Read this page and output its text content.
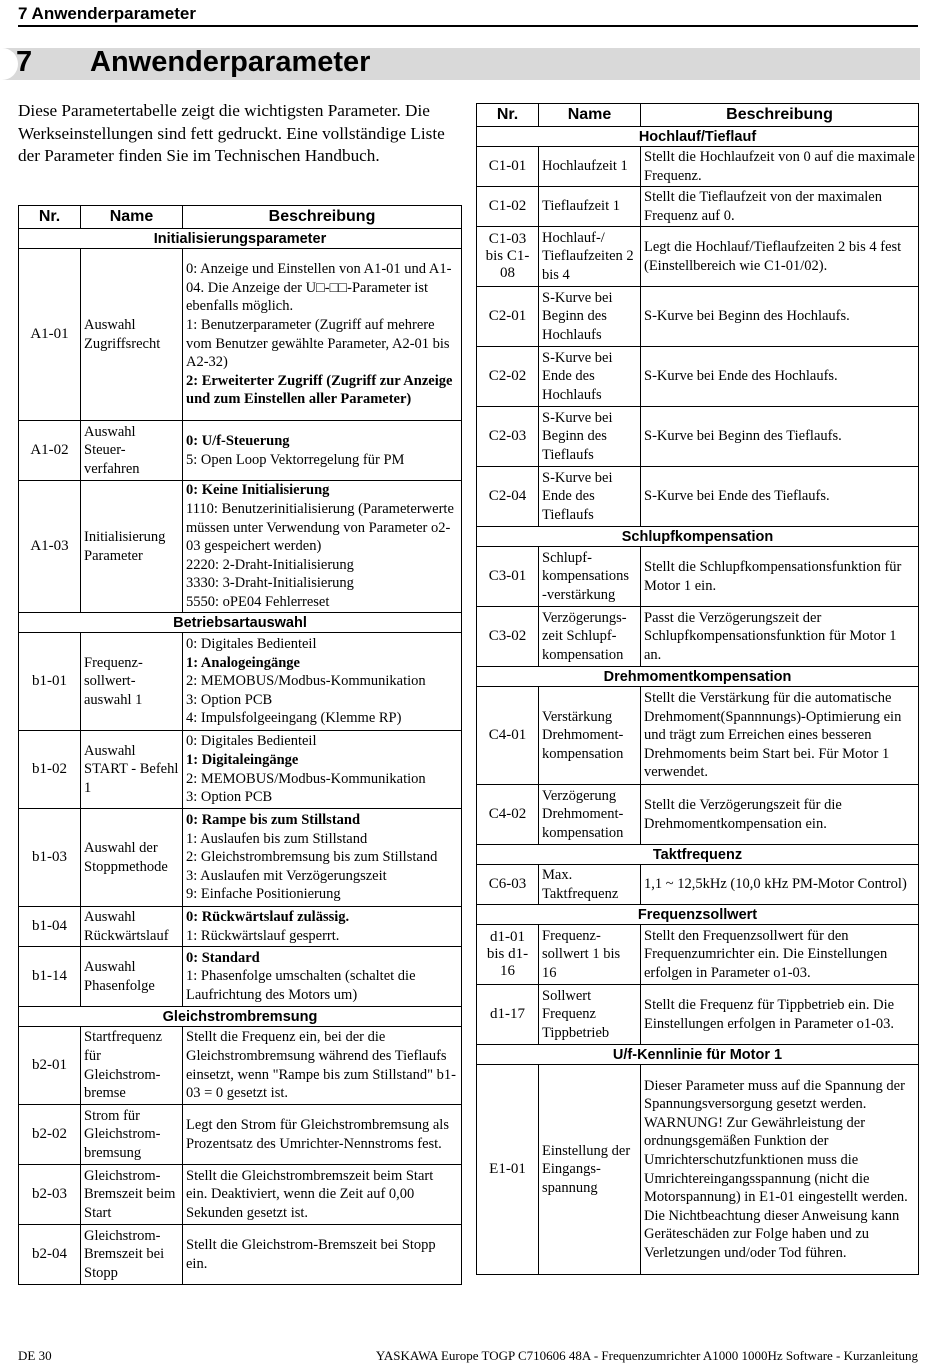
7 Anwenderparameter
7 Anwenderparameter
Diese Parametertabelle zeigt die wichtigsten Parameter. Die Werkseinstellungen sind fett gedruckt. Eine vollständige Liste der Parameter finden Sie im Technischen Handbuch.
Nr.	Name	Beschreibung
Initialisierungsparameter		
A1-01	Auswahl Zugriffsrecht	0: Anzeige und Einstellen von A1-01 und A1-04. Die Anzeige der U□-□□-Parameter ist ebenfalls möglich.
1: Benutzerparameter (Zugriff auf mehrere vom Benutzer gewählte Parameter, A2-01 bis A2-32)
2: Erweiterter Zugriff (Zugriff zur Anzeige und zum Einstellen aller Parameter)

A1-02	Auswahl Steuer-verfahren	0: U/f-Steuerung
5: Open Loop Vektorregelung für PM

A1-03	Initialisierung Parameter	0: Keine Initialisierung
1110: Benutzerinitialisierung (Parameterwerte müssen unter Verwendung von Parameter o2-03 gespeichert werden)
2220: 2-Draht-Initialisierung
3330: 3-Draht-Initialisierung
5550: oPE04 Fehlerreset

Betriebsartauswahl		
b1-01	Frequenz-sollwert-auswahl 1	0: Digitales Bedienteil
1: Analogeingänge
2: MEMOBUS/Modbus-Kommunikation
3: Option PCB
4: Impulsfolgeeingang (Klemme RP)

b1-02	Auswahl START - Befehl 1	0: Digitales Bedienteil
1: Digitaleingänge
2: MEMOBUS/Modbus-Kommunikation
3: Option PCB

b1-03	Auswahl der Stoppmethode	0: Rampe bis zum Stillstand
1: Auslaufen bis zum Stillstand
2: Gleichstrombremsung bis zum Stillstand
3: Auslaufen mit Verzögerungszeit
9: Einfache Positionierung

b1-04	Auswahl Rückwärtslauf	0: Rückwärtslauf zulässig.
1: Rückwärtslauf gesperrt.

b1-14	Auswahl Phasenfolge	0: Standard
1: Phasenfolge umschalten (schaltet die Laufrichtung des Motors um)

Gleichstrombremsung		
b2-01	Startfrequenz für Gleichstrom-bremse	Stellt die Frequenz ein, bei der die Gleichstrombremsung während des Tieflaufs einsetzt, wenn "Rampe bis zum Stillstand" b1-03 = 0 gesetzt ist.

b2-02	Strom für Gleichstrom-bremsung	Legt den Strom für Gleichstrombremsung als Prozentsatz des Umrichter-Nennstroms fest.

b2-03	Gleichstrom-Bremszeit beim Start	Stellt die Gleichstrombremszeit beim Start ein. Deaktiviert, wenn die Zeit auf 0,00 Sekunden gesetzt ist.

b2-04	Gleichstrom-Bremszeit bei Stopp	Stellt die Gleichstrom-Bremszeit bei Stopp ein.
Nr.	Name	Beschreibung
Hochlauf/Tieflauf		
C1-01	Hochlaufzeit 1	Stellt die Hochlaufzeit von 0 auf die maximale Frequenz.

C1-02	Tieflaufzeit 1	Stellt die Tieflaufzeit von der maximalen Frequenz auf 0.

C1-03 bis C1-08	Hochlauf-/ Tieflaufzeiten 2 bis 4	Legt die Hochlauf/Tieflaufzeiten 2 bis 4 fest (Einstellbereich wie C1-01/02).

C2-01	S-Kurve bei Beginn des Hochlaufs	S-Kurve bei Beginn des Hochlaufs.

C2-02	S-Kurve bei Ende des Hochlaufs	S-Kurve bei Ende des Hochlaufs.

C2-03	S-Kurve bei Beginn des Tieflaufs	S-Kurve bei Beginn des Tieflaufs.

C2-04	S-Kurve bei Ende des Tieflaufs	S-Kurve bei Ende des Tieflaufs.

Schlupfkompensation		
C3-01	Schlupf-kompensations -verstärkung	Stellt die Schlupfkompensationsfunktion für Motor 1 ein.

C3-02	Verzögerungs-zeit Schlupf-kompensation	Passt die Verzögerungszeit der Schlupfkompensationsfunktion für Motor 1 an.

Drehmomentkompensation		
C4-01	Verstärkung Drehmoment-kompensation	Stellt die Verstärkung für die automatische Drehmoment(Spannnungs)-Optimierung ein und trägt zum Erreichen eines besseren Drehmoments beim Start bei. Für Motor 1 verwendet.

C4-02	Verzögerung Drehmoment-kompensation	Stellt die Verzögerungszeit für die Drehmomentkompensation ein.

Taktfrequenz		
C6-03	Max. Taktfrequenz	1,1 ~ 12,5kHz (10,0 kHz PM-Motor Control)

Frequenzsollwert		
d1-01 bis d1-16	Frequenz-sollwert 1 bis 16	Stellt den Frequenzsollwert für den Frequenzumrichter ein. Die Einstellungen erfolgen in Parameter o1-03.

d1-17	Sollwert Frequenz Tippbetrieb	Stellt die Frequenz für Tippbetrieb ein. Die Einstellungen erfolgen in Parameter o1-03.

U/f-Kennlinie für Motor 1		
E1-01	Einstellung der Eingangs-spannung	Dieser Parameter muss auf die Spannung der Spannungsversorgung gesetzt werden. WARNUNG! Zur Gewährleistung der ordnungsgemäßen Funktion der Umrichterschutzfunktionen muss die Umrichtereingangsspannung (nicht die Motorspannung) in E1-01 eingestellt werden. Die Nichtbeachtung dieser Anweisung kann Geräteschäden zur Folge haben und zu Verletzungen und/oder Tod führen.
DE 30	YASKAWA Europe TOGP C710606 48A - Frequenzumrichter A1000 1000Hz Software - Kurzanleitung
